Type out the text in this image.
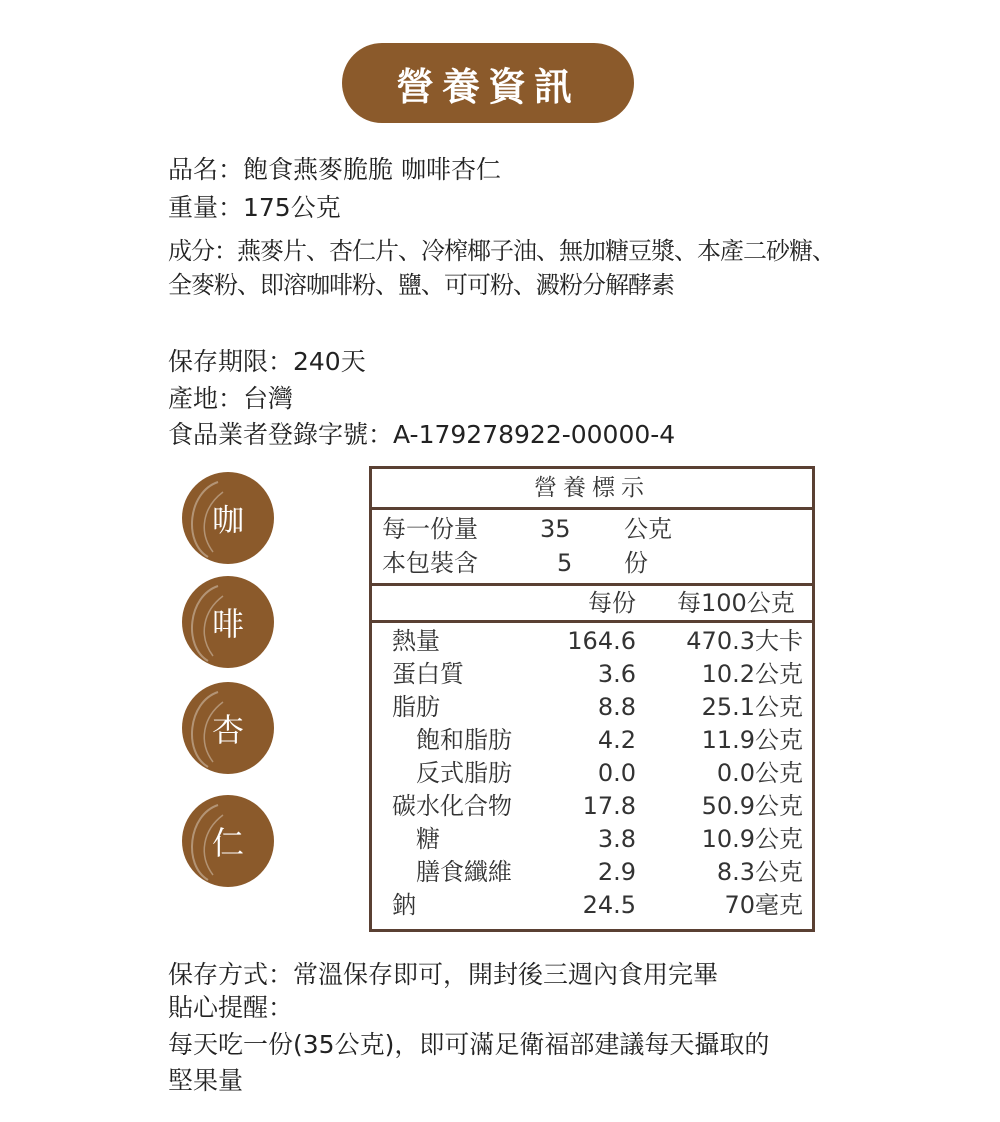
營養資訊
品名：飽食燕麥脆脆 咖啡杏仁
重量：175公克
成分：燕麥片、杏仁片、冷榨椰子油、無加糖豆漿、本產二砂糖、
全麥粉、即溶咖啡粉、鹽、可可粉、澱粉分解酵素
保存期限：240天
產地：台灣
食品業者登錄字號：A-179278922-00000-4
咖
啡
杏
仁
營養標示
每一份量	35 公克
本包裝含	5 份
每份 每100公克
熱量	164.6	470.3大卡
蛋白質	3.6	10.2公克
脂肪	8.8	25.1公克
飽和脂肪	4.2	11.9公克
反式脂肪	0.0	0.0公克
碳水化合物	17.8	50.9公克
糖	3.8	10.9公克
膳食纖維	2.9	8.3公克
鈉	24.5	70毫克
保存方式：常溫保存即可，開封後三週內食用完畢
貼心提醒：
每天吃一份(35公克)，即可滿足衛福部建議每天攝取的
堅果量
